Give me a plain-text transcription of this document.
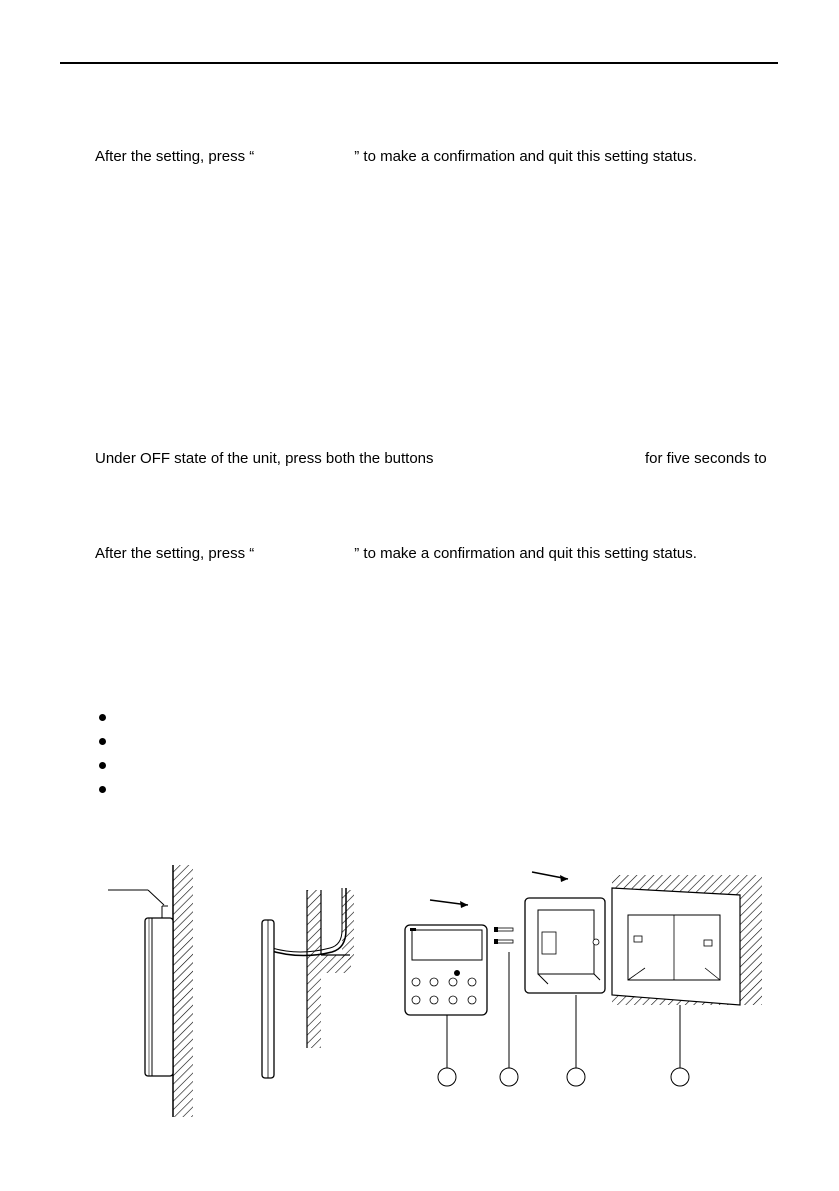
After the setting, press “	” to make a confirmation and quit this setting status.
Under OFF state of the unit, press both the buttons	for five seconds to
After the setting, press “	” to make a confirmation and quit this setting status.
